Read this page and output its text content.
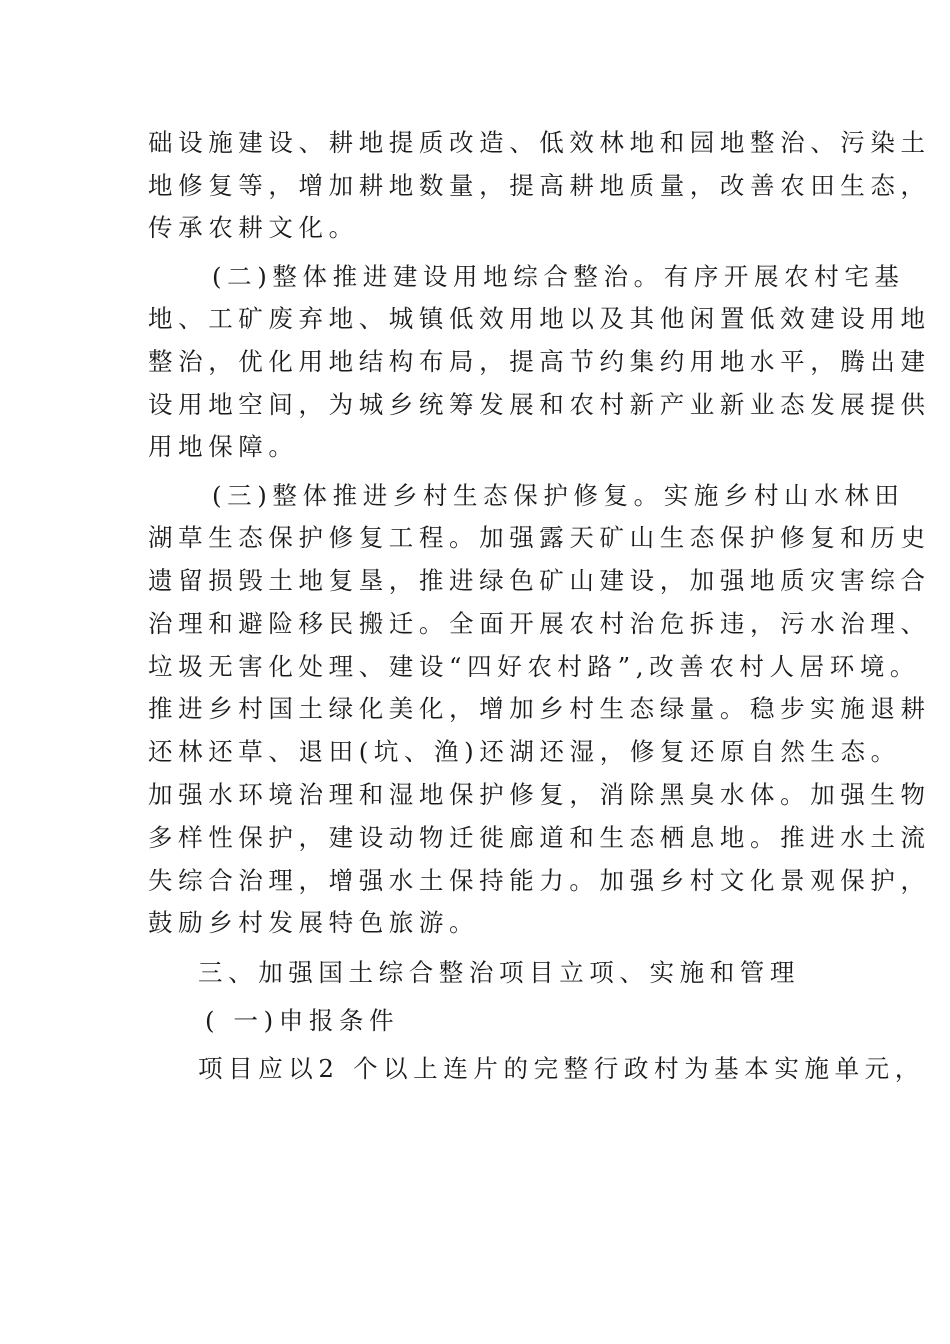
础设施建设、耕地提质改造、低效林地和园地整治、污染土
地修复等，增加耕地数量，提高耕地质量，改善农田生态，
传承农耕文化。
(二)整体推进建设用地综合整治。有序开展农村宅基
地、工矿废弃地、城镇低效用地以及其他闲置低效建设用地
整治，优化用地结构布局，提高节约集约用地水平，腾出建
设用地空间，为城乡统筹发展和农村新产业新业态发展提供
用地保障。
(三)整体推进乡村生态保护修复。实施乡村山水林田
湖草生态保护修复工程。加强露天矿山生态保护修复和历史
遗留损毁土地复垦，推进绿色矿山建设，加强地质灾害综合
治理和避险移民搬迁。全面开展农村治危拆违，污水治理、
垃圾无害化处理、建设“四好农村路”,改善农村人居环境。
推进乡村国土绿化美化，增加乡村生态绿量。稳步实施退耕
还林还草、退田(坑、渔)还湖还湿，修复还原自然生态。
加强水环境治理和湿地保护修复，消除黑臭水体。加强生物
多样性保护，建设动物迁徙廊道和生态栖息地。推进水土流
失综合治理，增强水土保持能力。加强乡村文化景观保护，
鼓励乡村发展特色旅游。
三、加强国土综合整治项目立项、实施和管理
( 一)申报条件
项目应以2 个以上连片的完整行政村为基本实施单元，
